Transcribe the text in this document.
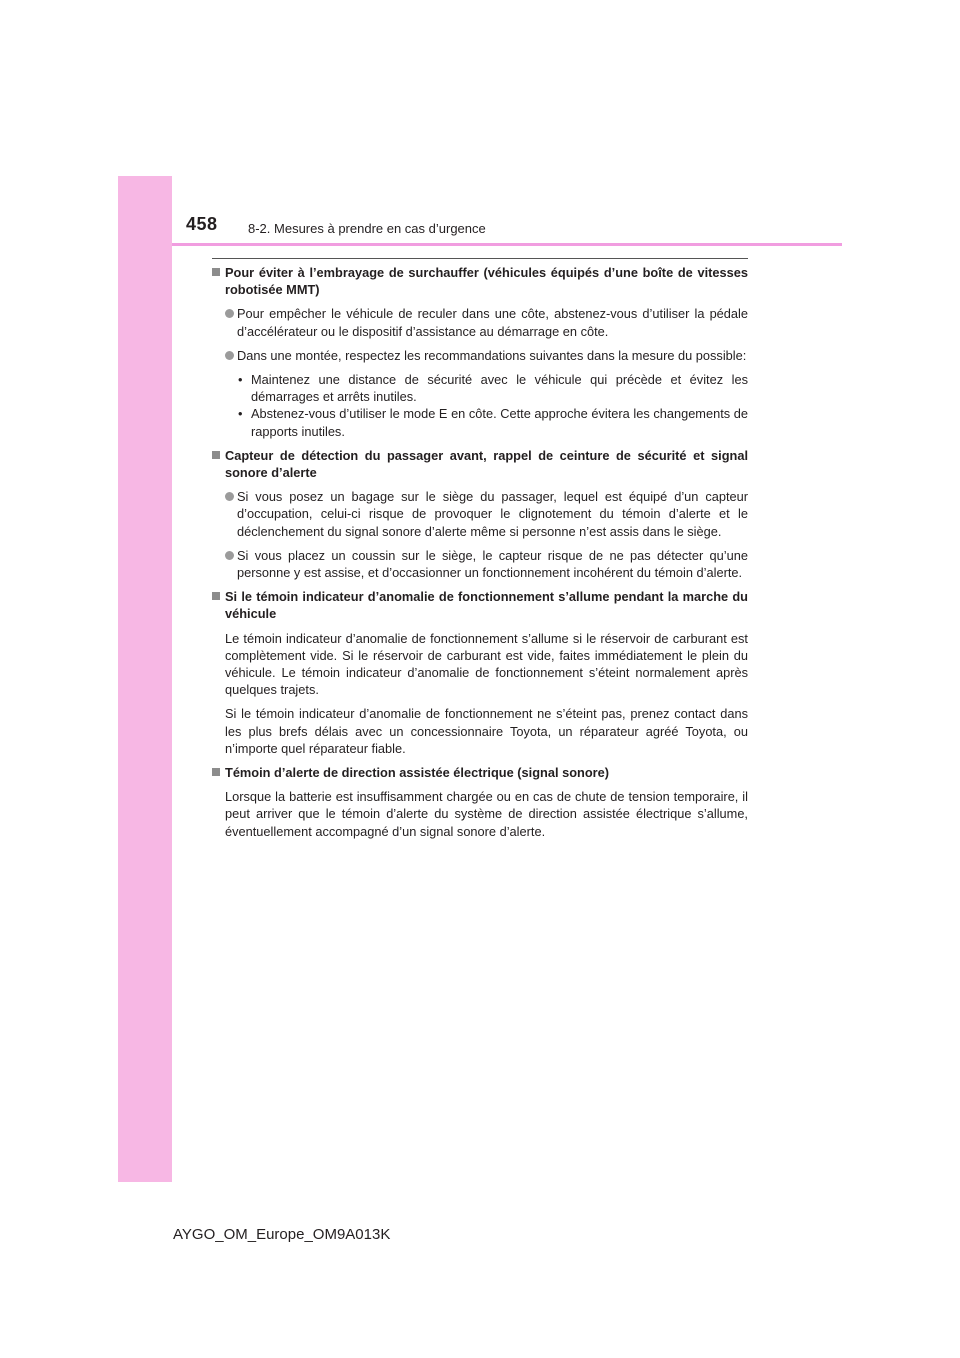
458 8-2. Mesures à prendre en cas d’urgence
Pour éviter à l’embrayage de surchauffer (véhicules équipés d’une boîte de vitesses robotisée MMT)
Pour empêcher le véhicule de reculer dans une côte, abstenez-vous d’utiliser la pédale d’accélérateur ou le dispositif d’assistance au démarrage en côte.
Dans une montée, respectez les recommandations suivantes dans la mesure du possible:
• Maintenez une distance de sécurité avec le véhicule qui précède et évitez les démarrages et arrêts inutiles.
• Abstenez-vous d’utiliser le mode E en côte. Cette approche évitera les changements de rapports inutiles.
Capteur de détection du passager avant, rappel de ceinture de sécurité et signal sonore d’alerte
Si vous posez un bagage sur le siège du passager, lequel est équipé d’un capteur d’occupation, celui-ci risque de provoquer le clignotement du témoin d’alerte et le déclenchement du signal sonore d’alerte même si personne n’est assis dans le siège.
Si vous placez un coussin sur le siège, le capteur risque de ne pas détecter qu’une personne y est assise, et d’occasionner un fonctionnement incohérent du témoin d’alerte.
Si le témoin indicateur d’anomalie de fonctionnement s’allume pendant la marche du véhicule

Le témoin indicateur d’anomalie de fonctionnement s’allume si le réservoir de carburant est complètement vide. Si le réservoir de carburant est vide, faites immédiatement le plein du véhicule. Le témoin indicateur d’anomalie de fonctionnement s’éteint normalement après quelques trajets.

Si le témoin indicateur d’anomalie de fonctionnement ne s’éteint pas, prenez contact dans les plus brefs délais avec un concessionnaire Toyota, un réparateur agréé Toyota, ou n’importe quel réparateur fiable.

Témoin d’alerte de direction assistée électrique (signal sonore)

Lorsque la batterie est insuffisamment chargée ou en cas de chute de tension temporaire, il peut arriver que le témoin d’alerte du système de direction assistée électrique s’allume, éventuellement accompagné d’un signal sonore d’alerte.

AYGO_OM_Europe_OM9A013K
